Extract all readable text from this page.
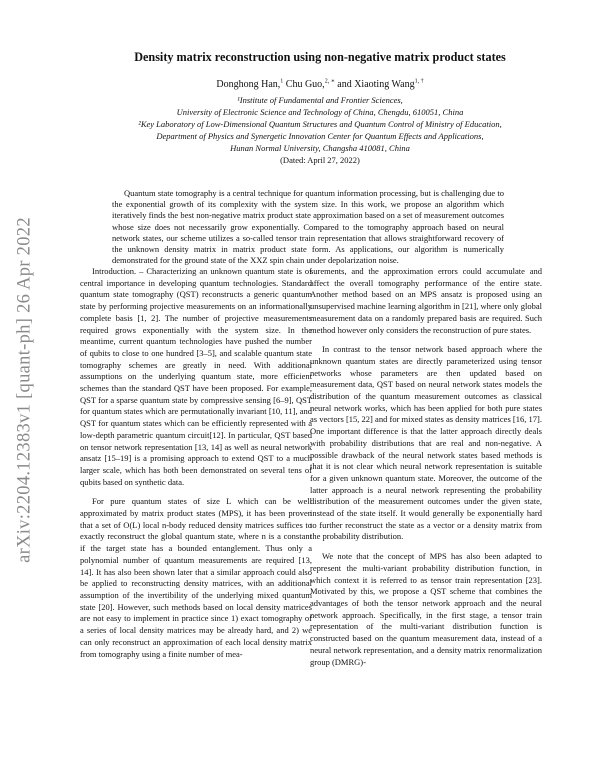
arXiv:2204.12383v1 [quant-ph] 26 Apr 2022
Density matrix reconstruction using non-negative matrix product states
Donghong Han,$^1$ Chu Guo,$^{2, ∗}$ and Xiaoting Wang$^{1, \dagger}$
¹Institute of Fundamental and Frontier Sciences,
University of Electronic Science and Technology of China, Chengdu, 610051, China
²Key Laboratory of Low-Dimensional Quantum Structures and Quantum Control of Ministry of Education,
Department of Physics and Synergetic Innovation Center for Quantum Effects and Applications,
Hunan Normal University, Changsha 410081, China
(Dated: April 27, 2022)

Quantum state tomography is a central technique for quantum information processing, but is challenging due to the exponential growth of its complexity with the system size. In this work, we propose an algorithm which iteratively finds the best non-negative matrix product state approximation based on a set of measurement outcomes whose size does not necessarily grow exponentially. Compared to the tomography approach based on neural network states, our scheme utilizes a so-called tensor train representation that allows straightforward recovery of the unknown density matrix in matrix product state form. As applications, our algorithm is numerically demonstrated for the ground state of the XXZ spin chain under depolarization noise.

Introduction. – Characterizing an unknown quantum state is of central importance in developing quantum technologies. Standard quantum state tomography (QST) reconstructs a generic quantum state by performing projective measurements on an informationally complete basis [1, 2]. The number of projective measurements required grows exponentially with the system size. In the meantime, current quantum technologies have pushed the number of qubits to close to one hundred [3–5], and scalable quantum state tomography schemes are greatly in need. With additional assumptions on the underlying quantum state, more efficient schemes than the standard QST have been proposed. For example, QST for a sparse quantum state by compressive sensing [6–9], QST for quantum states which are permutationally invariant [10, 11], and QST for quantum states which can be efficiently represented with a low-depth parametric quantum circuit[12]. In particular, QST based on tensor network representation [13, 14] as well as neural network ansatz [15–19] is a promising approach to extend QST to a much larger scale, which has both been demonstrated on several tens of qubits based on synthetic data.

For pure quantum states of size L which can be well approximated by matrix product states (MPS), it has been proven that a set of O(L) local n-body reduced density matrices suffices to exactly reconstruct the global quantum state, where n is a constant if the target state has a bounded entanglement. Thus only a polynomial number of quantum measurements are required [13, 14]. It has also been shown later that a similar approach could also be applied to reconstructing density matrices, with an additional assumption of the invertibility of the underlying mixed quantum state [20]. However, such methods based on local density matrices are not easy to implement in practice since 1) exact tomography of a series of local density matrices may be already hard, and 2) we can only reconstruct an approximation of each local density matrix from tomography using a finite number of mea-

surements, and the approximation errors could accumulate and affect the overall tomography performance of the entire state. Another method based on an MPS ansatz is proposed using an unsupervised machine learning algorithm in [21], where only global measurement data on a randomly prepared basis are required. Such method however only considers the reconstruction of pure states.

In contrast to the tensor network based approach where the unknown quantum states are directly parameterized using tensor networks whose parameters are then updated based on measurement data, QST based on neural network states models the distribution of the quantum measurement outcomes as classical neural network works, which has been applied for both pure states as vectors [15, 22] and for mixed states as density matrices [16, 17]. One important difference is that the latter approach directly deals with probability distributions that are real and non-negative. A possible drawback of the neural network states based methods is that it is not clear which neural network representation is suitable for a given unknown quantum state. Moreover, the outcome of the latter approach is a neural network representing the probability distribution of the measurement outcomes under the given state, instead of the state itself. It would generally be exponentially hard to further reconstruct the state as a vector or a density matrix from the probability distribution.

We note that the concept of MPS has also been adapted to represent the multi-variant probability distribution function, in which context it is referred to as tensor train representation [23]. Motivated by this, we propose a QST scheme that combines the advantages of both the tensor network approach and the neural network approach. Specifically, in the first stage, a tensor train representation of the multi-variant distribution function is constructed based on the quantum measurement data, instead of a neural network representation, and a density matrix renormalization group (DMRG)-
